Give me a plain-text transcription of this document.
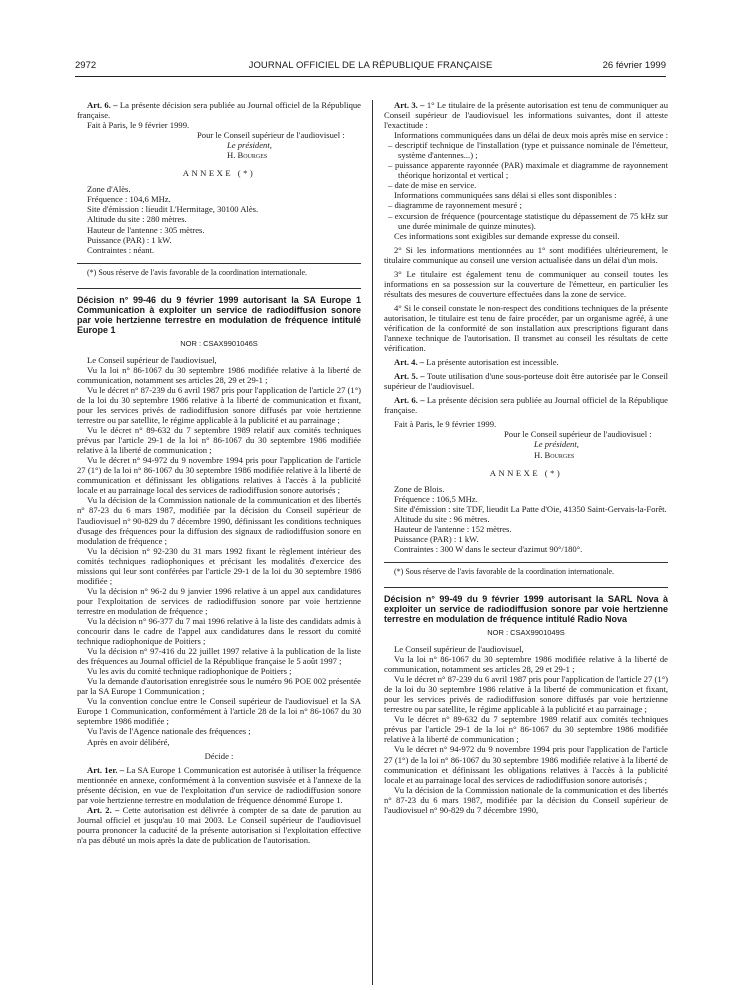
2972	JOURNAL OFFICIEL DE LA RÉPUBLIQUE FRANÇAISE	26 février 1999

Art. 6. – La présente décision sera publiée au Journal officiel de la République française.

Fait à Paris, le 9 février 1999.

Pour le Conseil supérieur de l'audiovisuel :

Le président,

H. Bourges

ANNEXE (*)

Zone d'Alès.

Fréquence : 104,6 MHz.

Site d'émission : lieudit L'Hermitage, 30100 Alès.

Altitude du site : 280 mètres.

Hauteur de l'antenne : 305 mètres.

Puissance (PAR) : 1 kW.

Contraintes : néant.

(*) Sous réserve de l'avis favorable de la coordination internationale.

Décision n° 99-46 du 9 février 1999 autorisant la SA Europe 1 Communication à exploiter un service de radiodiffusion sonore par voie hertzienne terrestre en modulation de fréquence intitulé Europe 1

NOR : CSAX9901046S

Le Conseil supérieur de l'audiovisuel,

Vu la loi n° 86-1067 du 30 septembre 1986 modifiée relative à la liberté de communication, notamment ses articles 28, 29 et 29-1 ;

Vu le décret n° 87-239 du 6 avril 1987 pris pour l'application de l'article 27 (1°) de la loi du 30 septembre 1986 relative à la liberté de communication et fixant, pour les services privés de radiodiffusion sonore diffusés par voie hertzienne terrestre ou par satellite, le régime applicable à la publicité et au parrainage ;

Vu le décret n° 89-632 du 7 septembre 1989 relatif aux comités techniques prévus par l'article 29-1 de la loi n° 86-1067 du 30 septembre 1986 modifiée relative à la liberté de communication ;

Vu le décret n° 94-972 du 9 novembre 1994 pris pour l'application de l'article 27 (1°) de la loi n° 86-1067 du 30 septembre 1986 modifiée relative à la liberté de communication et définissant les obligations relatives à l'accès à la publicité locale et au parrainage local des services de radiodiffusion sonore autorisés ;

Vu la décision de la Commission nationale de la communication et des libertés n° 87-23 du 6 mars 1987, modifiée par la décision du Conseil supérieur de l'audiovisuel n° 90-829 du 7 décembre 1990, définissant les conditions techniques d'usage des fréquences pour la diffusion des signaux de radiodiffusion sonore en modulation de fréquence ;

Vu la décision n° 92-230 du 31 mars 1992 fixant le règlement intérieur des comités techniques radiophoniques et précisant les modalités d'exercice des missions qui leur sont conférées par l'article 29-1 de la loi du 30 septembre 1986 modifiée ;

Vu la décision n° 96-2 du 9 janvier 1996 relative à un appel aux candidatures pour l'exploitation de services de radiodiffusion sonore par voie hertzienne terrestre en modulation de fréquence ;

Vu la décision n° 96-377 du 7 mai 1996 relative à la liste des candidats admis à concourir dans le cadre de l'appel aux candidatures dans le ressort du comité technique radiophonique de Poitiers ;

Vu la décision n° 97-416 du 22 juillet 1997 relative à la publication de la liste des fréquences au Journal officiel de la République française le 5 août 1997 ;

Vu les avis du comité technique radiophonique de Poitiers ;

Vu la demande d'autorisation enregistrée sous le numéro 96 POE 002 présentée par la SA Europe 1 Communication ;

Vu la convention conclue entre le Conseil supérieur de l'audiovisuel et la SA Europe 1 Communication, conformément à l'article 28 de la loi n° 86-1067 du 30 septembre 1986 modifiée ;

Vu l'avis de l'Agence nationale des fréquences ;

Après en avoir délibéré,

Décide :

Art. 1er. – La SA Europe 1 Communication est autorisée à utiliser la fréquence mentionnée en annexe, conformément à la convention susvisée et à l'annexe de la présente décision, en vue de l'exploitation d'un service de radiodiffusion sonore par voie hertzienne terrestre en modulation de fréquence dénommé Europe 1.

Art. 2. – Cette autorisation est délivrée à compter de sa date de parution au Journal officiel et jusqu'au 10 mai 2003. Le Conseil supérieur de l'audiovisuel pourra prononcer la caducité de la présente autorisation si l'exploitation effective n'a pas débuté un mois après la date de publication de l'autorisation.

Art. 3. – 1° Le titulaire de la présente autorisation est tenu de communiquer au Conseil supérieur de l'audiovisuel les informations suivantes, dont il atteste l'exactitude :

Informations communiquées dans un délai de deux mois après mise en service :

– descriptif technique de l'installation (type et puissance nominale de l'émetteur, système d'antennes...) ;

– puissance apparente rayonnée (PAR) maximale et diagramme de rayonnement théorique horizontal et vertical ;

– date de mise en service.

Informations communiquées sans délai si elles sont disponibles :

– diagramme de rayonnement mesuré ;

– excursion de fréquence (pourcentage statistique du dépassement de 75 kHz sur une durée minimale de quinze minutes).

Ces informations sont exigibles sur demande expresse du conseil.

2° Si les informations mentionnées au 1° sont modifiées ultérieurement, le titulaire communique au conseil une version actualisée dans un délai d'un mois.

3° Le titulaire est également tenu de communiquer au conseil toutes les informations en sa possession sur la couverture de l'émetteur, en particulier les résultats des mesures de couverture effectuées dans la zone de service.

4° Si le conseil constate le non-respect des conditions techniques de la présente autorisation, le titulaire est tenu de faire procéder, par un organisme agréé, à une vérification de la conformité de son installation aux prescriptions figurant dans l'annexe technique de l'autorisation. Il transmet au conseil les résultats de cette vérification.

Art. 4. – La présente autorisation est incessible.

Art. 5. – Toute utilisation d'une sous-porteuse doit être autorisée par le Conseil supérieur de l'audiovisuel.

Art. 6. – La présente décision sera publiée au Journal officiel de la République française.

Fait à Paris, le 9 février 1999.

Pour le Conseil supérieur de l'audiovisuel :

Le président,

H. Bourges

ANNEXE (*)

Zone de Blois.

Fréquence : 106,5 MHz.

Site d'émission : site TDF, lieudit La Patte d'Oie, 41350 Saint-Gervais-la-Forêt.

Altitude du site : 96 mètres.

Hauteur de l'antenne : 152 mètres.

Puissance (PAR) : 1 kW.

Contraintes : 300 W dans le secteur d'azimut 90°/180°.

(*) Sous réserve de l'avis favorable de la coordination internationale.

Décision n° 99-49 du 9 février 1999 autorisant la SARL Nova à exploiter un service de radiodiffusion sonore par voie hertzienne terrestre en modulation de fréquence intitulé Radio Nova

NOR : CSAX9901049S

Le Conseil supérieur de l'audiovisuel,

Vu la loi n° 86-1067 du 30 septembre 1986 modifiée relative à la liberté de communication, notamment ses articles 28, 29 et 29-1 ;

Vu le décret n° 87-239 du 6 avril 1987 pris pour l'application de l'article 27 (1°) de la loi du 30 septembre 1986 relative à la liberté de communication et fixant, pour les services privés de radiodiffusion sonore diffusés par voie hertzienne terrestre ou par satellite, le régime applicable à la publicité et au parrainage ;

Vu le décret n° 89-632 du 7 septembre 1989 relatif aux comités techniques prévus par l'article 29-1 de la loi n° 86-1067 du 30 septembre 1986 modifiée relative à la liberté de communication ;

Vu le décret n° 94-972 du 9 novembre 1994 pris pour l'application de l'article 27 (1°) de la loi n° 86-1067 du 30 septembre 1986 modifiée relative à la liberté de communication et définissant les obligations relatives à l'accès à la publicité locale et au parrainage local des services de radiodiffusion sonore autorisés ;

Vu la décision de la Commission nationale de la communication et des libertés n° 87-23 du 6 mars 1987, modifiée par la décision du Conseil supérieur de l'audiovisuel n° 90-829 du 7 décembre 1990,
